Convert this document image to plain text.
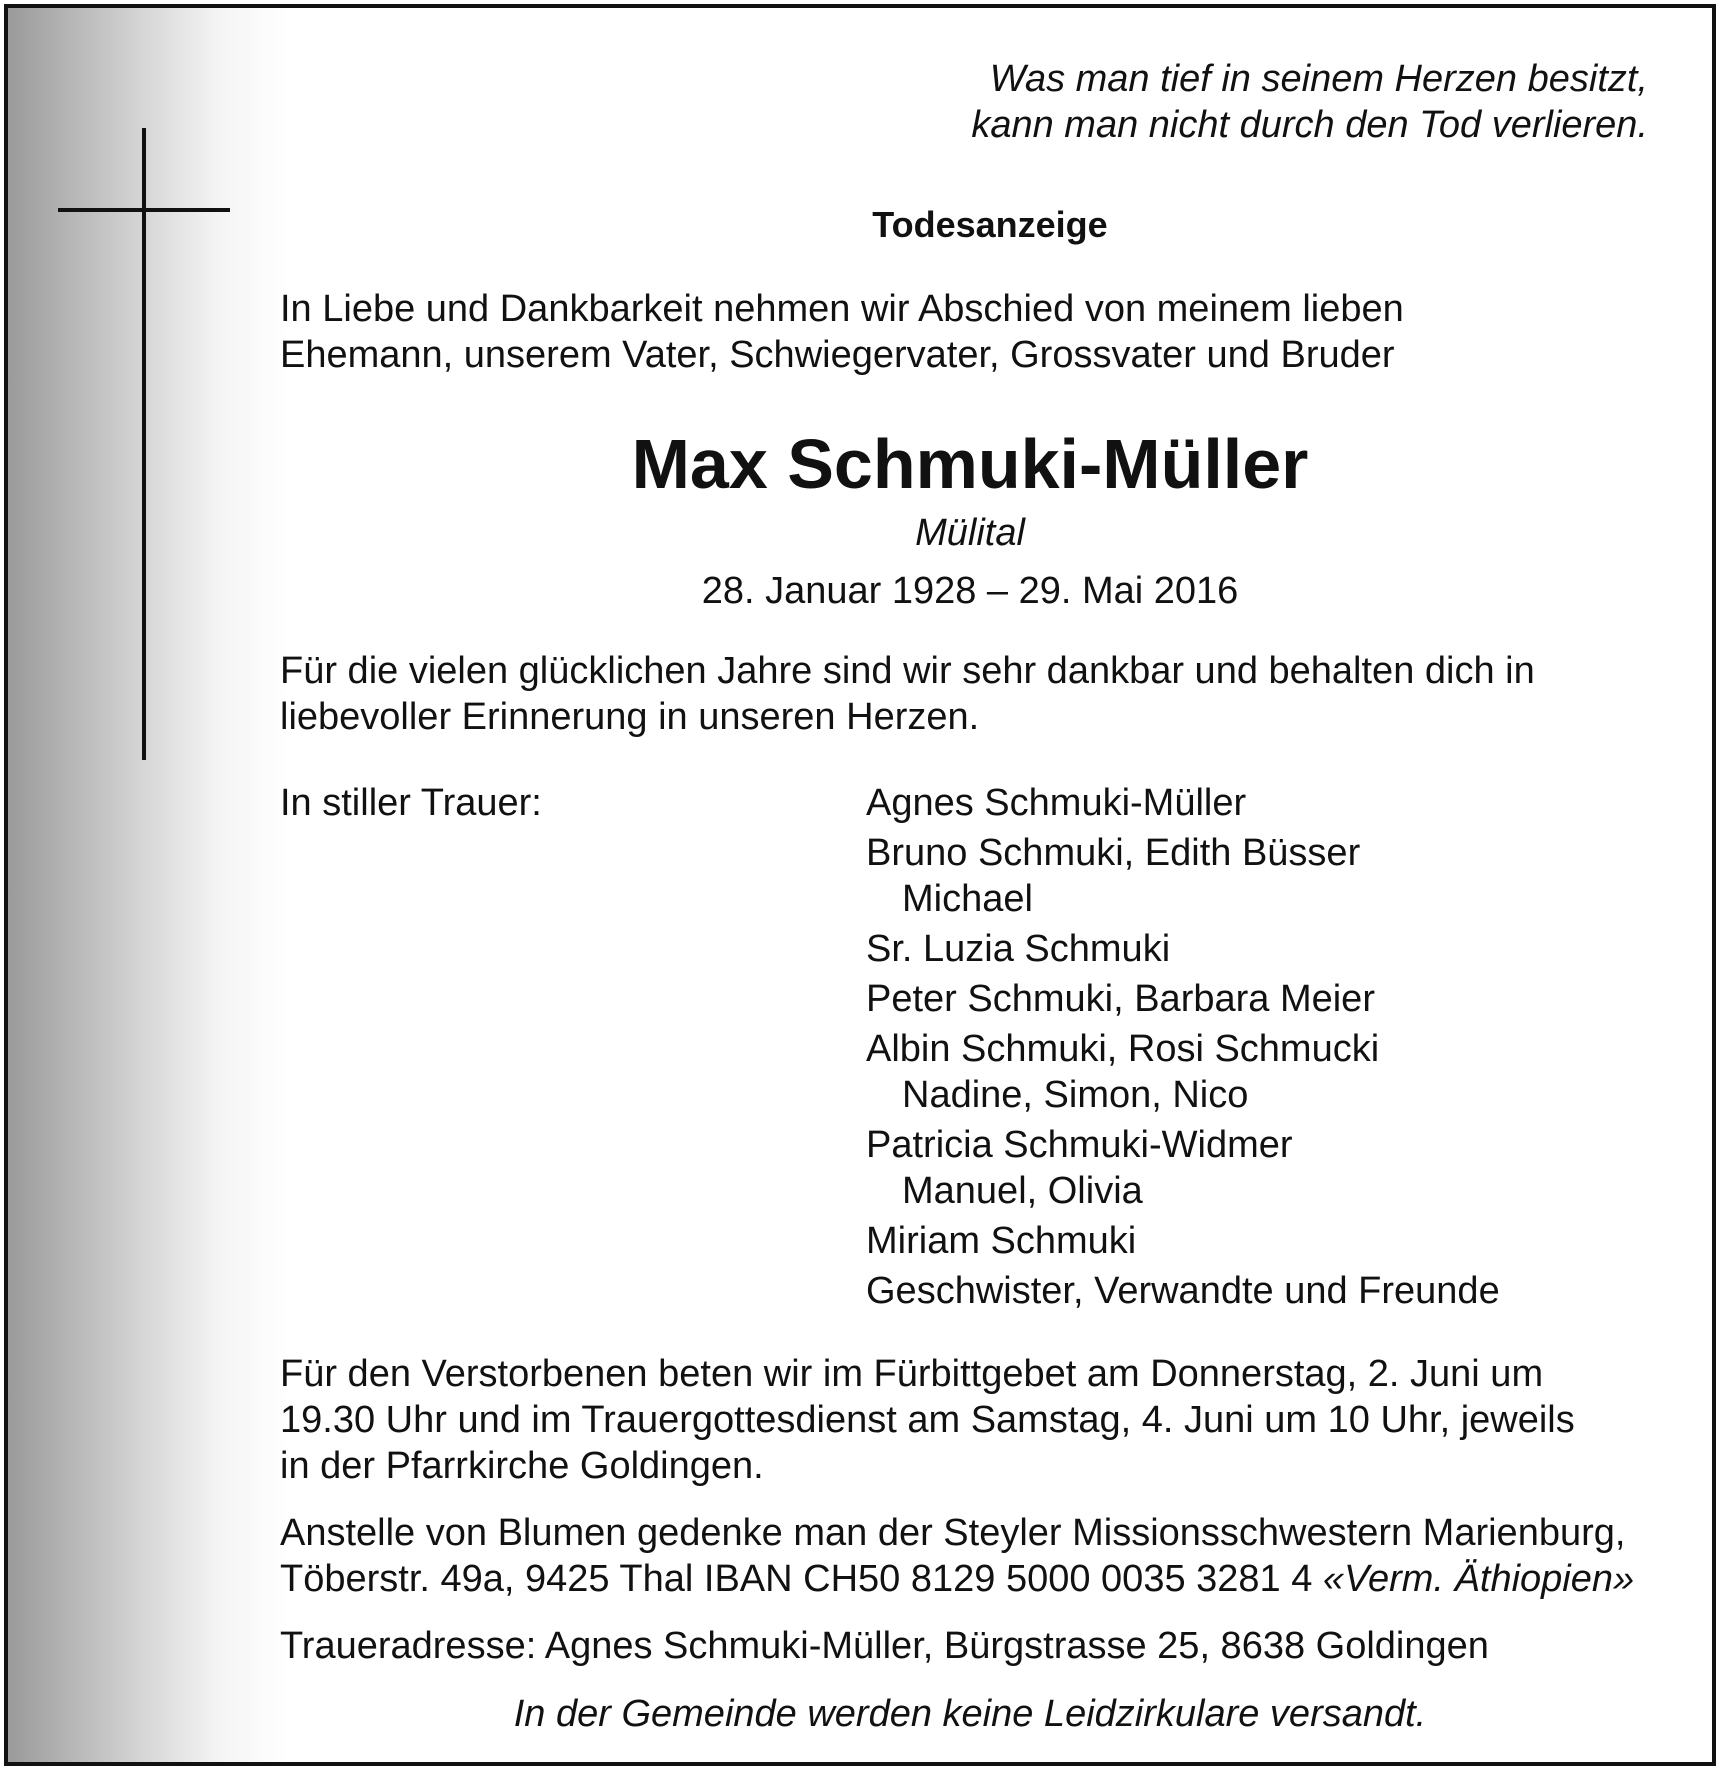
Was man tief in seinem Herzen besitzt,

kann man nicht durch den Tod verlieren.

Todesanzeige

In Liebe und Dankbarkeit nehmen wir Abschied von meinem lieben

Ehemann, unserem Vater, Schwiegervater, Grossvater und Bruder

Max Schmuki-Müller
Mülital
28. Januar 1928 – 29. Mai 2016

Für die vielen glücklichen Jahre sind wir sehr dankbar und behalten dich in

liebevoller Erinnerung in unseren Herzen.

In stiller Trauer:	Agnes Schmuki-Müller

Bruno Schmuki, Edith Büsser

Michael

Sr. Luzia Schmuki

Peter Schmuki, Barbara Meier

Albin Schmuki, Rosi Schmucki

Nadine, Simon, Nico

Patricia Schmuki-Widmer

Manuel, Olivia

Miriam Schmuki

Geschwister, Verwandte und Freunde

Für den Verstorbenen beten wir im Fürbittgebet am Donnerstag, 2. Juni um

19.30 Uhr und im Trauergottesdienst am Samstag, 4. Juni um 10 Uhr, jeweils

in der Pfarrkirche Goldingen.

Anstelle von Blumen gedenke man der Steyler Missionsschwestern Marienburg,

Töberstr. 49a, 9425 Thal IBAN CH50 8129 5000 0035 3281 4 «Verm. Äthiopien»

Traueradresse: Agnes Schmuki-Müller, Bürgstrasse 25, 8638 Goldingen
In der Gemeinde werden keine Leidzirkulare versandt.
